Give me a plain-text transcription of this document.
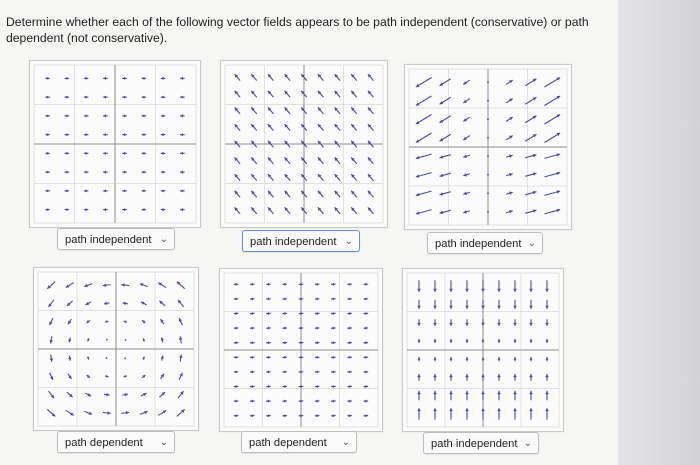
Determine whether each of the following vector fields appears to be path independent (conservative) or path dependent (not conservative).
path independent ⌄	path independent ⌄	path independent ⌄
path dependent ⌄	path dependent ⌄	path independent ⌄
